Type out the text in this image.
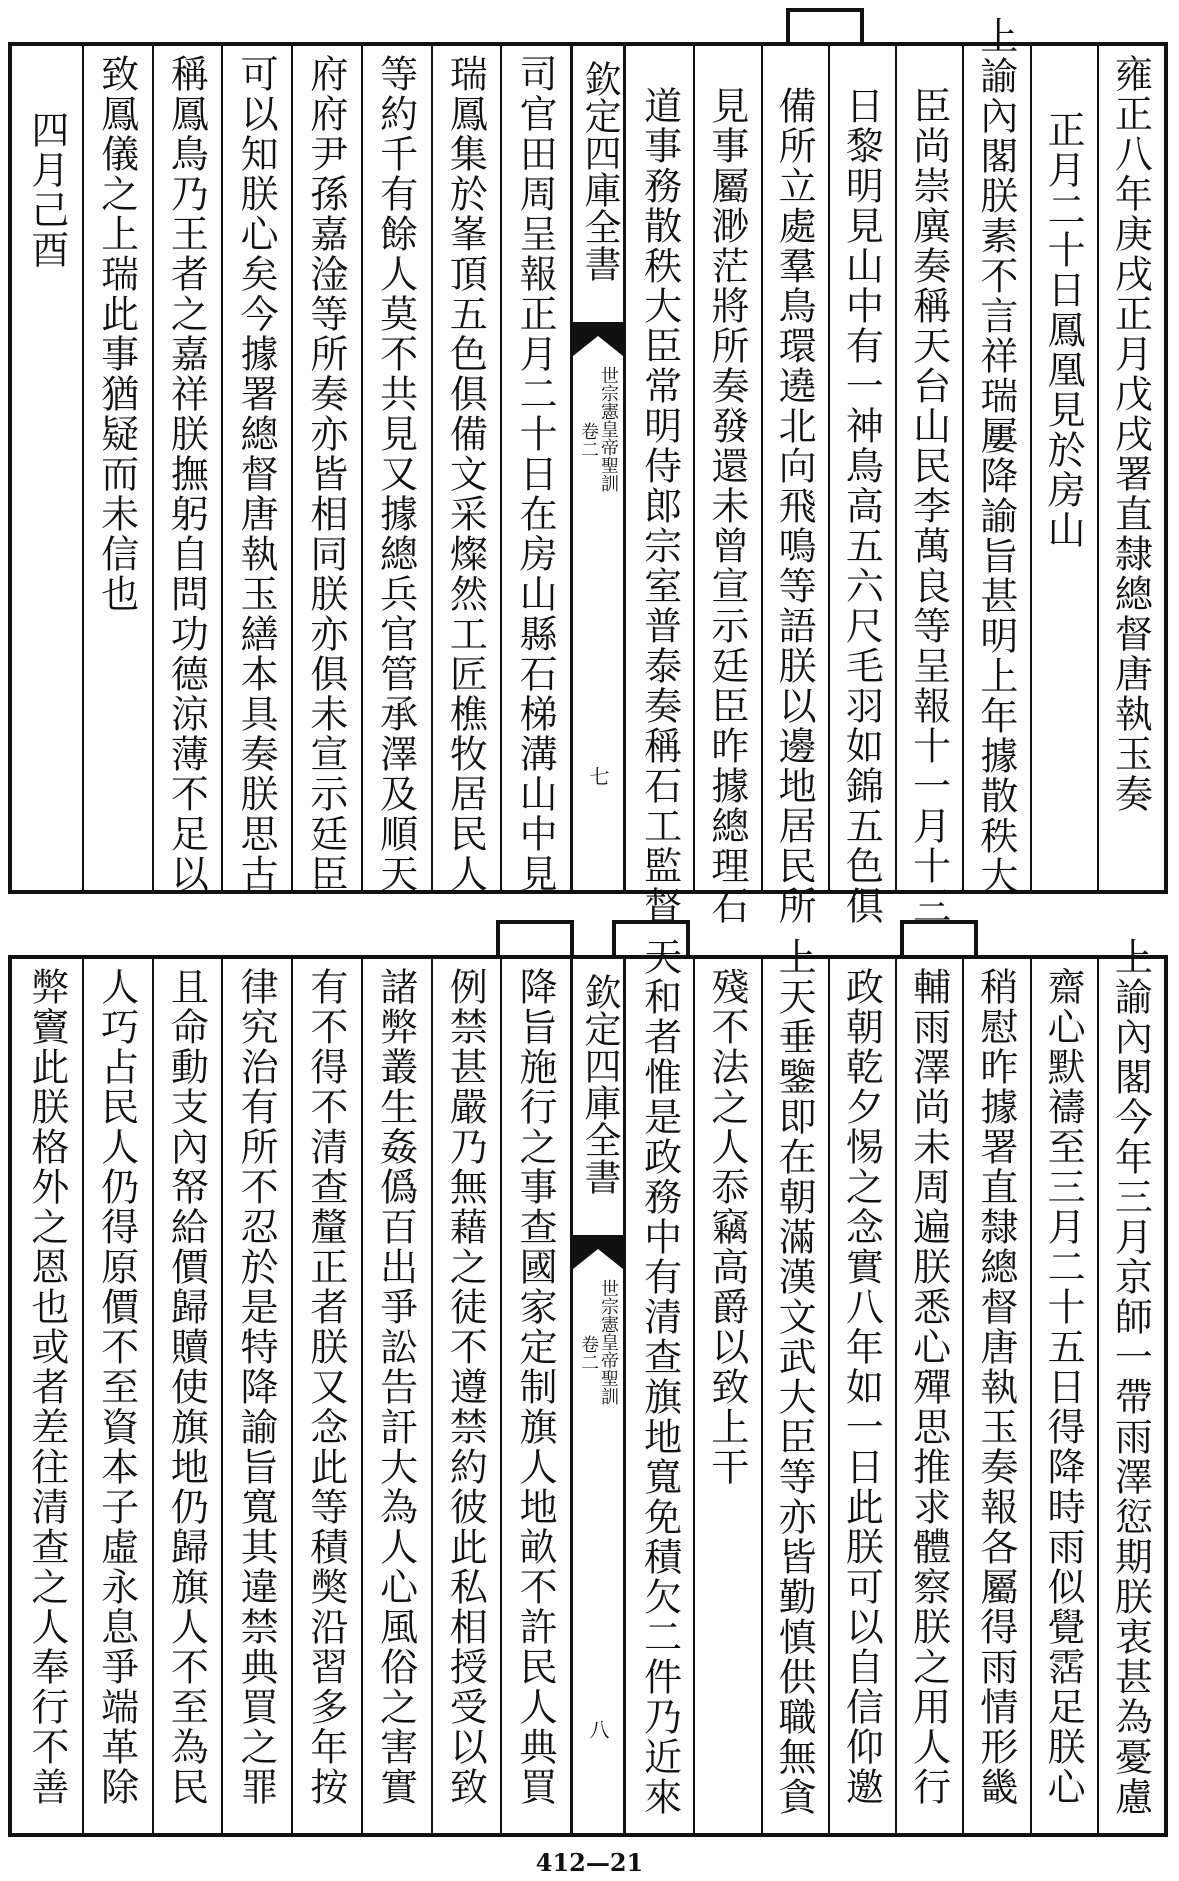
欽定四庫全書
世宗憲皇帝聖訓
卷二
七	雍正八年庚戌正月戊戌署直隸總督唐執玉奏
正月二十日鳳凰見於房山
上諭內閣朕素不言祥瑞屢降諭旨甚明上年據散秩大
臣尚崇廙奏稱天台山民李萬良等呈報十一月十三
日黎明見山中有一神鳥高五六尺毛羽如錦五色俱
備所立處羣鳥環遶北向飛鳴等語朕以邊地居民所
見事屬渺茫將所奏發還未曾宣示廷臣昨據總理石
道事務散秩大臣常明侍郎宗室普泰奏稱石工監督
司官田周呈報正月二十日在房山縣石梯溝山中見
瑞鳳集於峯頂五色俱備文采燦然工匠樵牧居民人
等約千有餘人莫不共見又據總兵官管承澤及順天
府府尹孫嘉淦等所奏亦皆相同朕亦俱未宣示廷臣
可以知朕心矣今據署總督唐執玉繕本具奏朕思古
稱鳳鳥乃王者之嘉祥朕撫躬自問功德涼薄不足以
致鳳儀之上瑞此事猶疑而未信也
四月己酉
欽定四庫全書
世宗憲皇帝聖訓
卷二
八	上諭內閣今年三月京師一帶雨澤愆期朕衷甚為憂慮
齋心默禱至三月二十五日得降時雨似覺霑足朕心
稍慰昨據署直隸總督唐執玉奏報各屬得雨情形畿
輔雨澤尚未周遍朕悉心殫思推求體察朕之用人行
政朝乾夕惕之念實八年如一日此朕可以自信仰邀
上天垂鑒即在朝滿漢文武大臣等亦皆勤慎供職無貪
殘不法之人忝竊高爵以致上干
天和者惟是政務中有清查旗地寬免積欠二件乃近來
降旨施行之事查國家定制旗人地畝不許民人典買
例禁甚嚴乃無藉之徒不遵禁約彼此私相授受以致
諸弊叢生姦僞百出爭訟告訐大為人心風俗之害實
有不得不清查釐正者朕又念此等積獘沿習多年按
律究治有所不忍於是特降諭旨寬其違禁典買之罪
且命動支內帑給價歸贖使旗地仍歸旗人不至為民
人巧占民人仍得原價不至資本子虛永息爭端革除
弊竇此朕格外之恩也或者差往清查之人奉行不善
412—21
